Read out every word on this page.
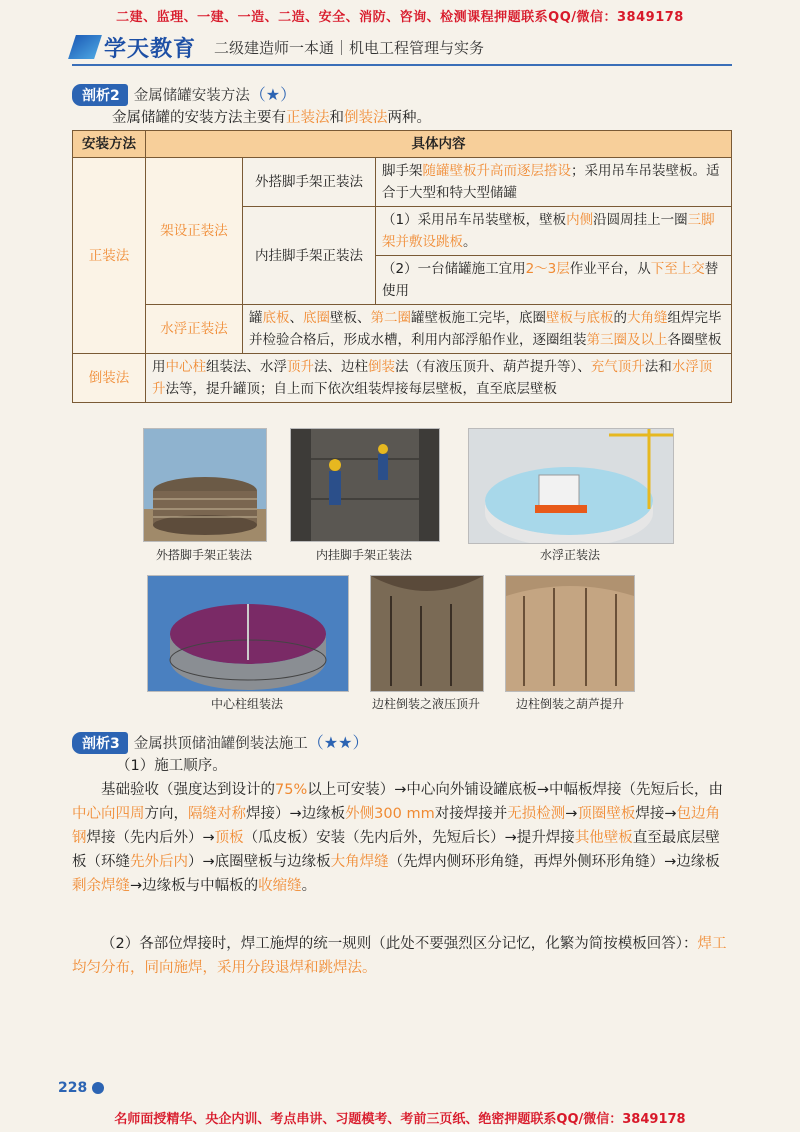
二建、监理、一建、一造、二造、安全、消防、咨询、检测课程押题联系QQ/微信：3849178
学天教育 二级建造师一本通｜机电工程管理与实务
剖析2 金属储罐安装方法（★）
金属储罐的安装方法主要有正装法和倒装法两种。
安装方法	具体内容		
正装法	架设正装法	外搭脚手架正装法	脚手架随罐壁板升高而逐层搭设；采用吊车吊装壁板。适合于大型和特大型储罐
		内挂脚手架正装法	（1）采用吊车吊装壁板，壁板内侧沿圆周挂上一圈三脚架并敷设跳板。
			（2）一台储罐施工宜用2～3层作业平台，从下至上交替使用
	水浮正装法	罐底板、底圈壁板、第二圈罐壁板施工完毕，底圈壁板与底板的大角缝组焊完毕并检验合格后，形成水槽，利用内部浮船作业，逐圈组装第三圈及以上各圈壁板	
倒装法	用中心柱组装法、水浮顶升法、边柱倒装法（有液压顶升、葫芦提升等）、充气顶升法和水浮顶升法等，提升罐顶；自上而下依次组装焊接每层壁板，直至底层壁板		
外搭脚手架正装法	内挂脚手架正装法	水浮正装法
中心柱组装法	边柱倒装之液压顶升	边柱倒装之葫芦提升
剖析3 金属拱顶储油罐倒装法施工（★★）
（1）施工顺序。
基础验收（强度达到设计的75%以上可安装）→中心向外铺设罐底板→中幅板焊接（先短后长，由中心向四周方向，隔缝对称焊接）→边缘板外侧300 mm对接焊接并无损检测→顶圈壁板焊接→包边角钢焊接（先内后外）→顶板（瓜皮板）安装（先内后外，先短后长）→提升焊接其他壁板直至最底层壁板（环缝先外后内）→底圈壁板与边缘板大角焊缝（先焊内侧环形角缝，再焊外侧环形角缝）→边缘板剩余焊缝→边缘板与中幅板的收缩缝。
（2）各部位焊接时，焊工施焊的统一规则（此处不要强烈区分记忆，化繁为简按模板回答）：焊工均匀分布，同向施焊，采用分段退焊和跳焊法。
228
名师面授精华、央企内训、考点串讲、习题模考、考前三页纸、绝密押题联系QQ/微信：3849178
